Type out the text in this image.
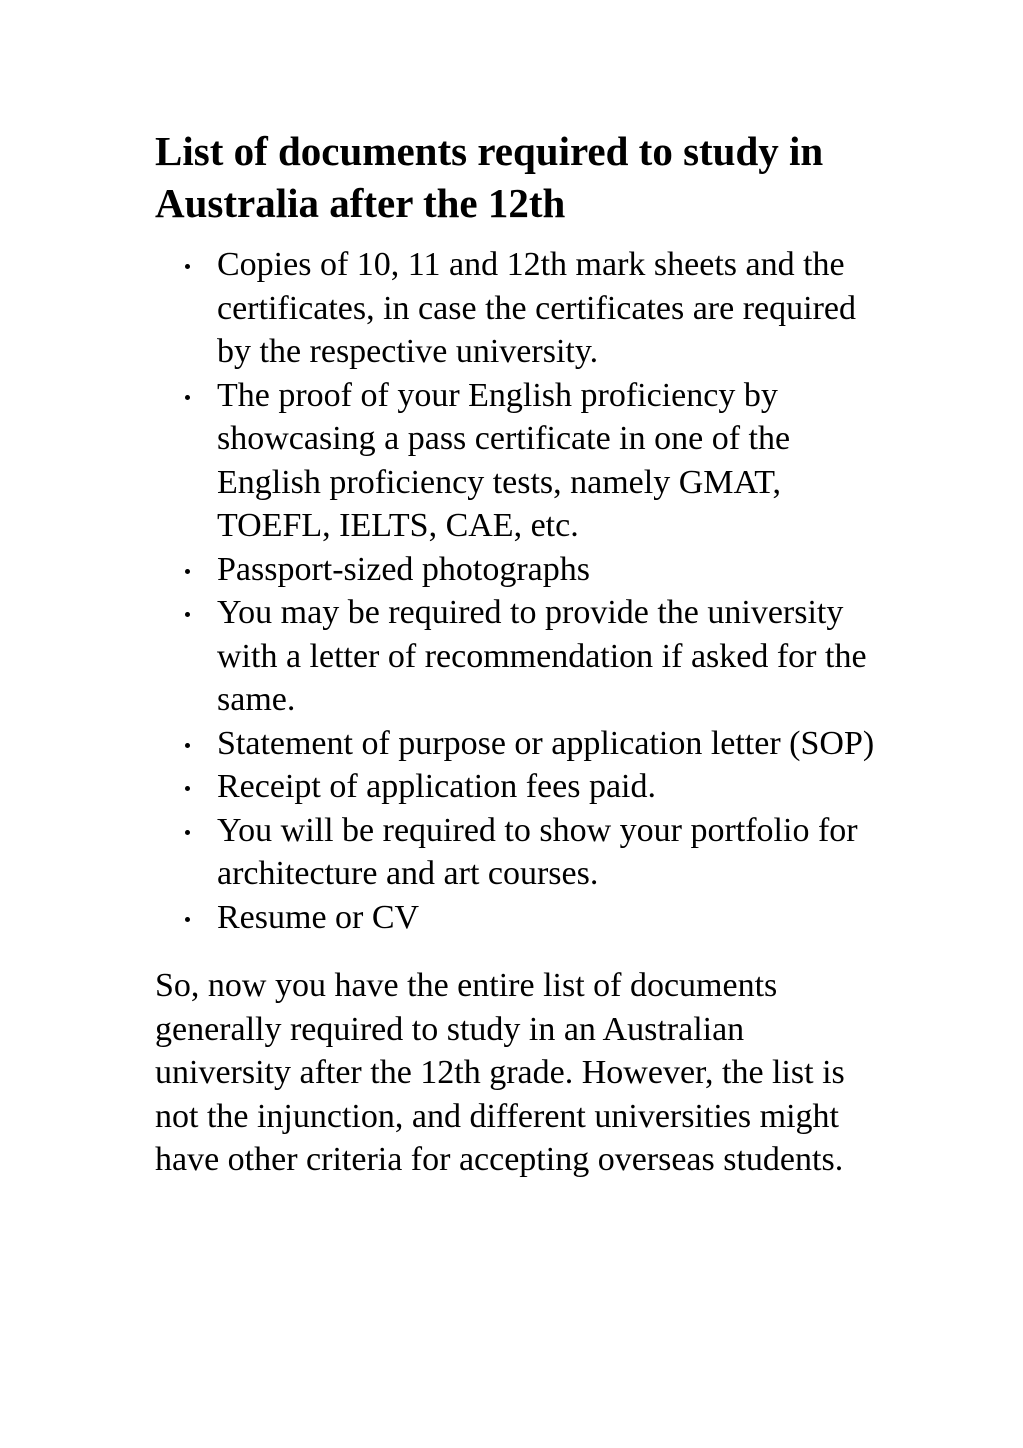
List of documents required to study in Australia after the 12th
Copies of 10, 11 and 12th mark sheets and the certificates, in case the certificates are required by the respective university.
The proof of your English proficiency by showcasing a pass certificate in one of the English proficiency tests, namely GMAT, TOEFL, IELTS, CAE, etc.
Passport-sized photographs
You may be required to provide the university with a letter of recommendation if asked for the same.
Statement of purpose or application letter (SOP)
Receipt of application fees paid.
You will be required to show your portfolio for architecture and art courses.
Resume or CV

So, now you have the entire list of documents generally required to study in an Australian university after the 12th grade. However, the list is not the injunction, and different universities might have other criteria for accepting overseas students.
